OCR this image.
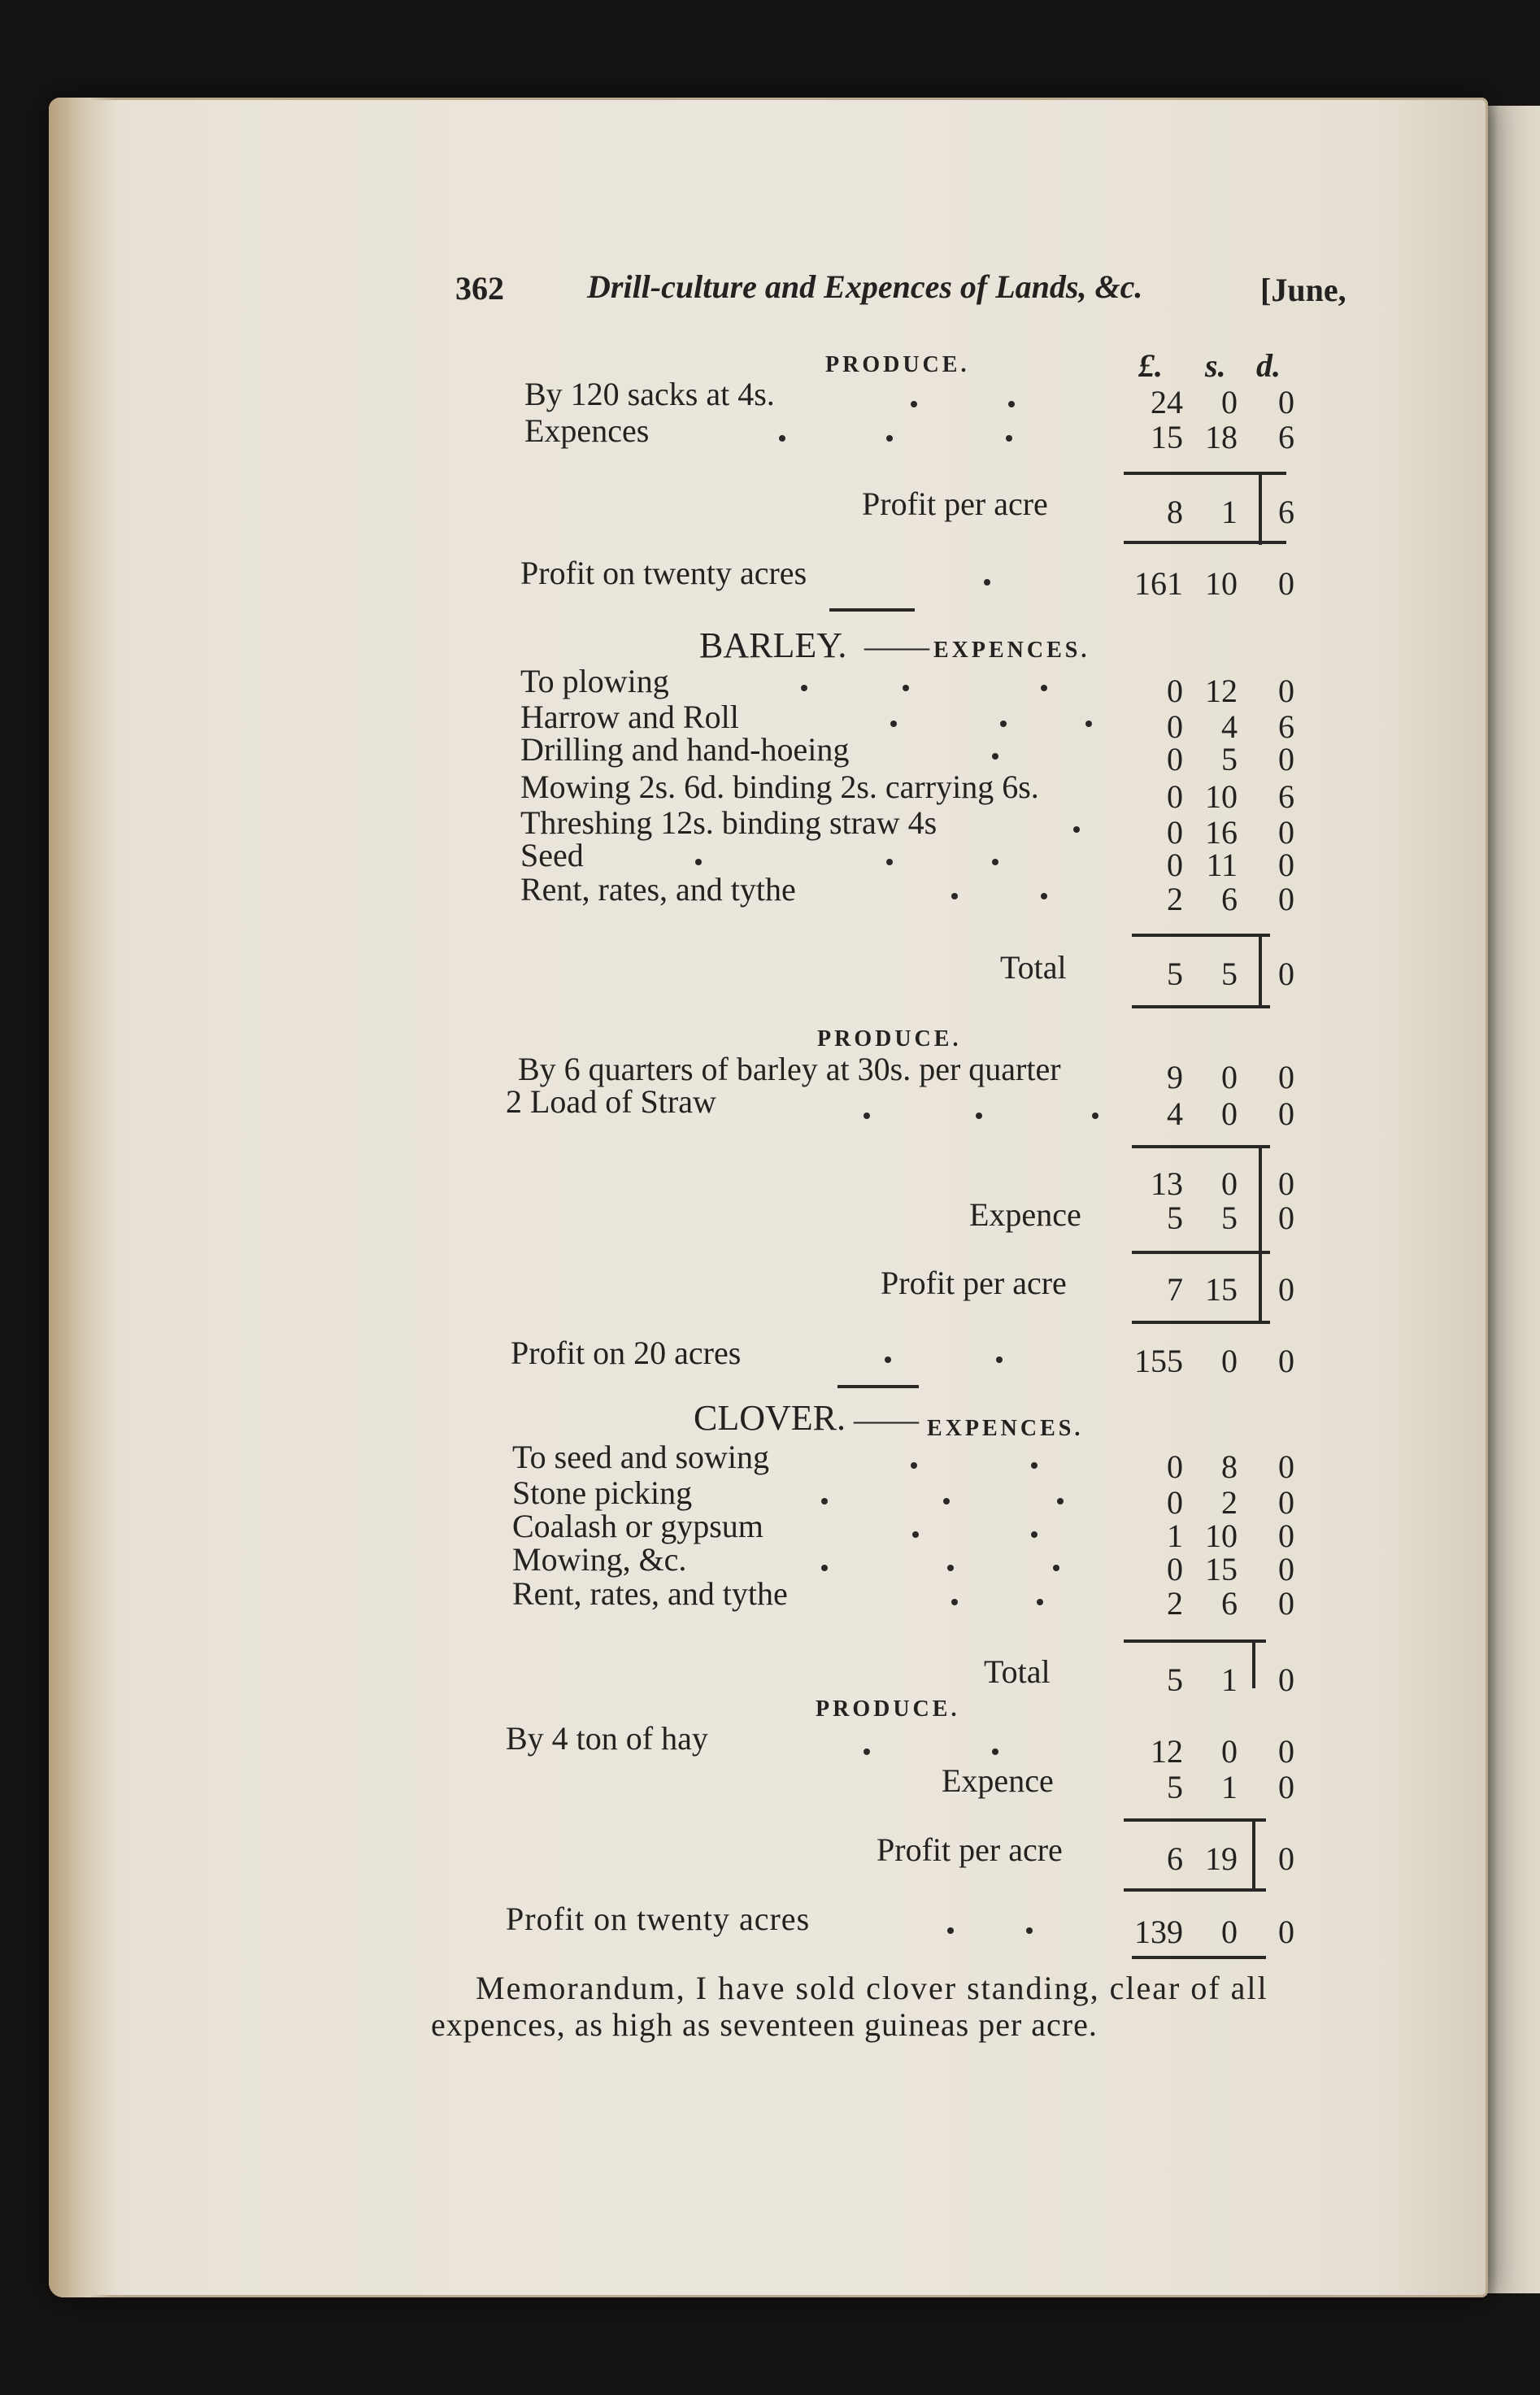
362	Drill-culture and Expences of Lands, &c.	[June,
£. s. d.
PRODUCE.
By 120 sacks at 4s.	24 0 0
Expences	15 18 6
Profit per acre	8 1 6
Profit on twenty acres	161 10 0
BARLEY. —— EXPENCES.
To plowing	0 12 0
Harrow and Roll	0 4 6
Drilling and hand-hoeing	0 5 0
Mowing 2s. 6d. binding 2s. carrying 6s.	0 10 6
Threshing 12s. binding straw 4s	0 16 0
Seed	0 11 0
Rent, rates, and tythe	2 6 0
Total	5 5 0
PRODUCE.
By 6 quarters of barley at 30s. per quarter	9 0 0
2 Load of Straw	4 0 0
13 0 0
Expence	5 5 0
Profit per acre	7 15 0
Profit on 20 acres	155 0 0
CLOVER. —— EXPENCES.
To seed and sowing	0 8 0
Stone picking	0 2 0
Coalash or gypsum	1 10 0
Mowing, &c.	0 15 0
Rent, rates, and tythe	2 6 0
Total	5 1 0
PRODUCE.
By 4 ton of hay	12 0 0
Expence	5 1 0
Profit per acre	6 19 0
Profit on twenty acres	139 0 0
Memorandum, I have sold clover standing, clear of all
expences, as high as seventeen guineas per acre.
